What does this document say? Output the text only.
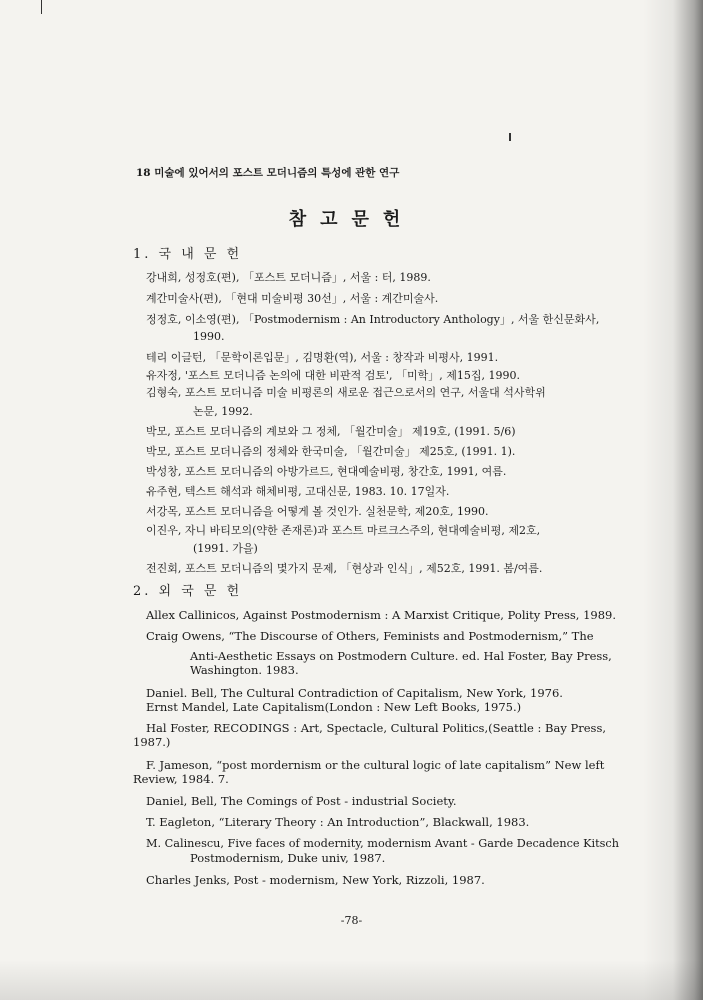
18 미술에 있어서의 포스트 모더니즘의 특성에 관한 연구
참고문헌
1. 국 내 문 헌
강내희, 성정호(편), 「포스트 모더니즘」, 서울 : 터, 1989.
계간미술사(편), 「현대 미술비평 30선」, 서울 : 계간미술사.
정정호, 이소영(편), 「Postmodernism : An Introductory Anthology」, 서울 한신문화사,
1990.
테리 이글턴, 「문학이론입문」, 김명환(역), 서울 : 창작과 비평사, 1991.
유자정, '포스트 모더니즘 논의에 대한 비판적 검토', 「미학」, 제15집, 1990.
김형숙, 포스트 모더니즘 미술 비평론의 새로운 접근으로서의 연구, 서울대 석사학위
논문, 1992.
박모, 포스트 모더니즘의 계보와 그 정체, 「월간미술」 제19호, (1991. 5/6)
박모, 포스트 모더니즘의 정체와 한국미술, 「월간미술」 제25호, (1991. 1).
박성창, 포스트 모더니즘의 아방가르드, 현대예술비평, 창간호, 1991, 여름.
유주현, 텍스트 해석과 해체비평, 고대신문, 1983. 10. 17일자.
서강목, 포스트 모더니즘을 어떻게 볼 것인가. 실천문학, 제20호, 1990.
이진우, 자니 바티모의(약한 존재론)과 포스트 마르크스주의, 현대예술비평, 제2호,
(1991. 가을)
전진회, 포스트 모더니즘의 몇가지 문제, 「현상과 인식」, 제52호, 1991. 봄/여름.
2. 외 국 문 헌
Allex Callinicos, Against Postmodernism : A Marxist Critique, Polity Press, 1989.
Craig Owens, “The Discourse of Others, Feminists and Postmodernism,” The
Anti-Aesthetic Essays on Postmodern Culture. ed. Hal Foster, Bay Press,
Washington. 1983.
Daniel. Bell, The Cultural Contradiction of Capitalism, New York, 1976.
Ernst Mandel, Late Capitalism(London : New Left Books, 1975.)
Hal Foster, RECODINGS : Art, Spectacle, Cultural Politics,(Seattle : Bay Press,
1987.)
F. Jameson, “post mordernism or the cultural logic of late capitalism” New left
Review, 1984. 7.
Daniel, Bell, The Comings of Post - industrial Society.
T. Eagleton, “Literary Theory : An Introduction”, Blackwall, 1983.
M. Calinescu, Five faces of modernity, modernism Avant - Garde Decadence Kitsch
Postmodernism, Duke univ, 1987.
Charles Jenks, Post - modernism, New York, Rizzoli, 1987.
-78-
